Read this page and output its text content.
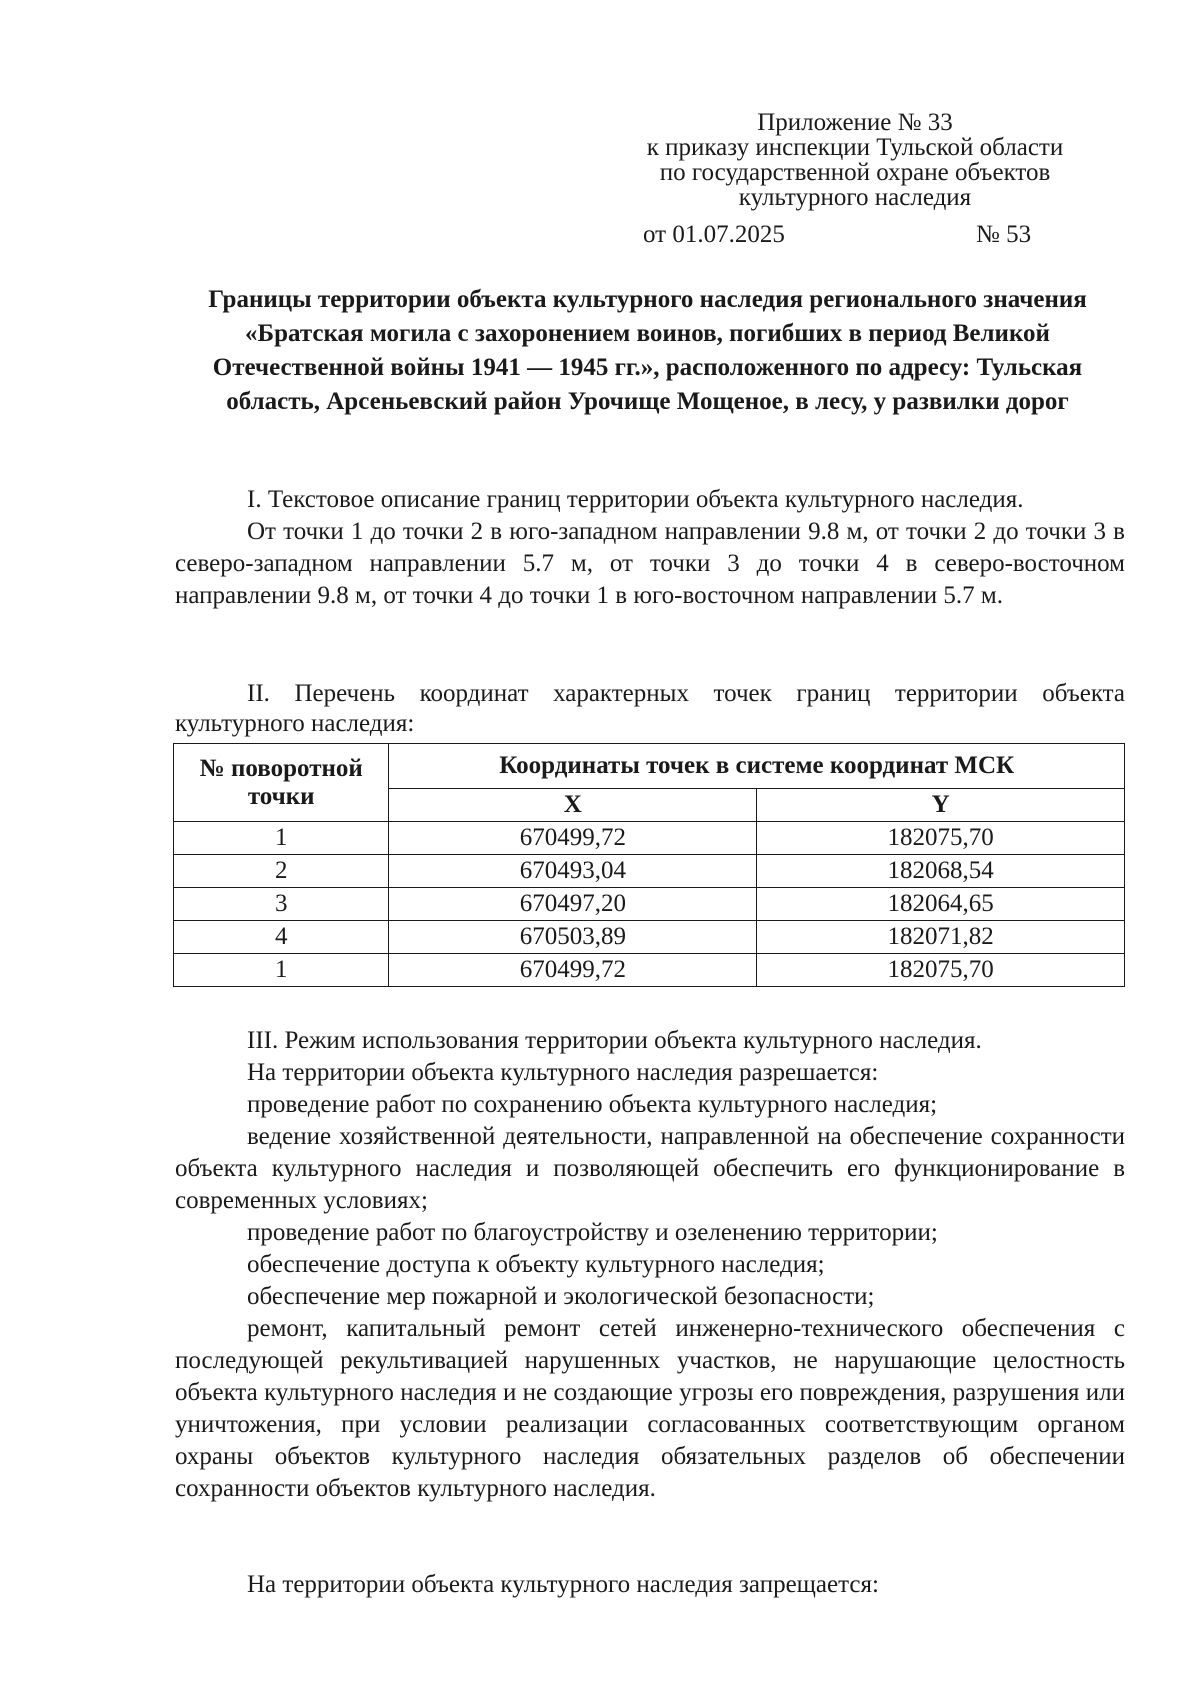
Приложение № 33
к приказу инспекции Тульской области
по государственной охране объектов
культурного наследия
от 01.07.2025	№ 53
Границы территории объекта культурного наследия регионального значения «Братская могила с захоронением воинов, погибших в период Великой Отечественной войны 1941 — 1945 гг.», расположенного по адресу: Тульская область, Арсеньевский район Урочище Мощеное, в лесу, у развилки дорог
I. Текстовое описание границ территории объекта культурного наследия.
От точки 1 до точки 2 в юго-западном направлении 9.8 м, от точки 2 до точки 3 в северо-западном направлении 5.7 м, от точки 3 до точки 4 в северо-восточном направлении 9.8 м, от точки 4 до точки 1 в юго-восточном направлении 5.7 м.
II. Перечень координат характерных точек границ территории объекта культурного наследия:
№ поворотной точки	Координаты точек в системе координат МСК	
	X	Y
1	670499,72	182075,70
2	670493,04	182068,54
3	670497,20	182064,65
4	670503,89	182071,82
1	670499,72	182075,70
III. Режим использования территории объекта культурного наследия.
На территории объекта культурного наследия разрешается:
проведение работ по сохранению объекта культурного наследия;
ведение хозяйственной деятельности, направленной на обеспечение сохранности объекта культурного наследия и позволяющей обеспечить его функционирование в современных условиях;
проведение работ по благоустройству и озеленению территории;
обеспечение доступа к объекту культурного наследия;
обеспечение мер пожарной и экологической безопасности;
ремонт, капитальный ремонт сетей инженерно-технического обеспечения с последующей рекультивацией нарушенных участков, не нарушающие целостность объекта культурного наследия и не создающие угрозы его повреждения, разрушения или уничтожения, при условии реализации согласованных соответствующим органом охраны объектов культурного наследия обязательных разделов об обеспечении сохранности объектов культурного наследия.
На территории объекта культурного наследия запрещается:
